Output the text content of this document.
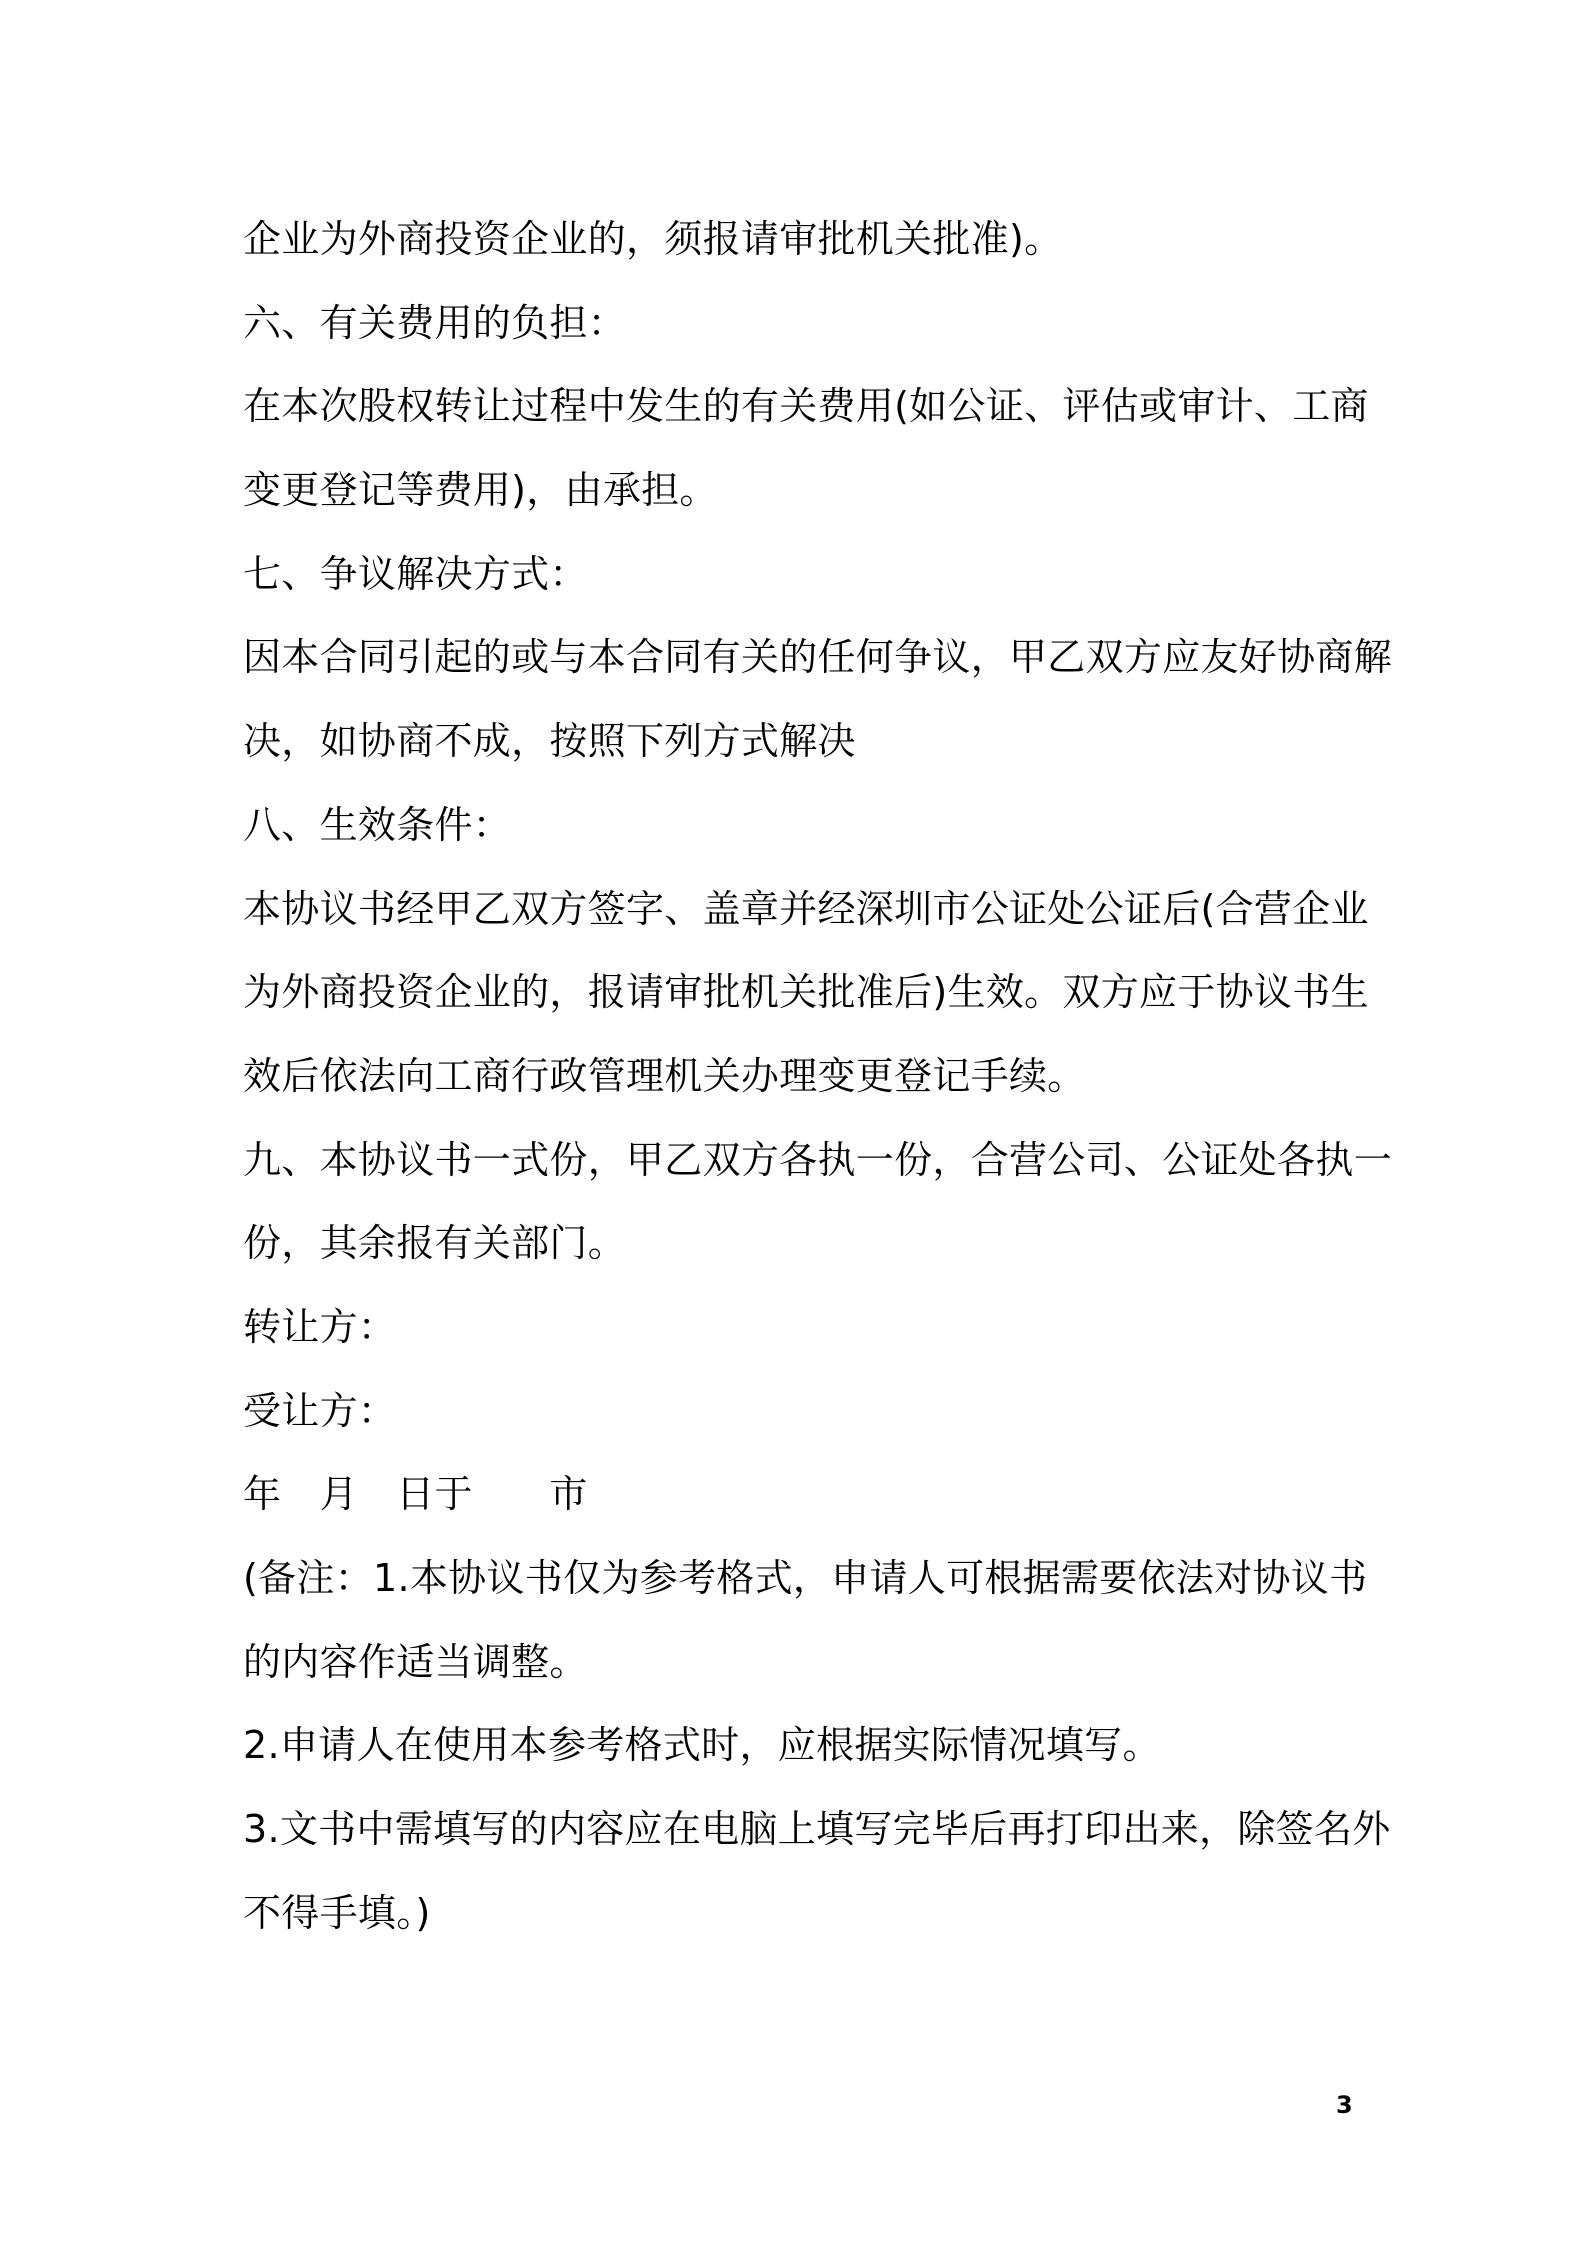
企业为外商投资企业的，须报请审批机关批准)。
六、有关费用的负担：
在本次股权转让过程中发生的有关费用(如公证、评估或审计、工商
变更登记等费用)，由承担。
七、争议解决方式：
因本合同引起的或与本合同有关的任何争议，甲乙双方应友好协商解
决，如协商不成，按照下列方式解决
八、生效条件：
本协议书经甲乙双方签字、盖章并经深圳市公证处公证后(合营企业
为外商投资企业的，报请审批机关批准后)生效。双方应于协议书生
效后依法向工商行政管理机关办理变更登记手续。
九、本协议书一式份，甲乙双方各执一份，合营公司、公证处各执一
份，其余报有关部门。
转让方：
受让方：
年　月　日于　　市
(备注：1.本协议书仅为参考格式，申请人可根据需要依法对协议书
的内容作适当调整。
2.申请人在使用本参考格式时，应根据实际情况填写。
3.文书中需填写的内容应在电脑上填写完毕后再打印出来，除签名外
不得手填。)
3
